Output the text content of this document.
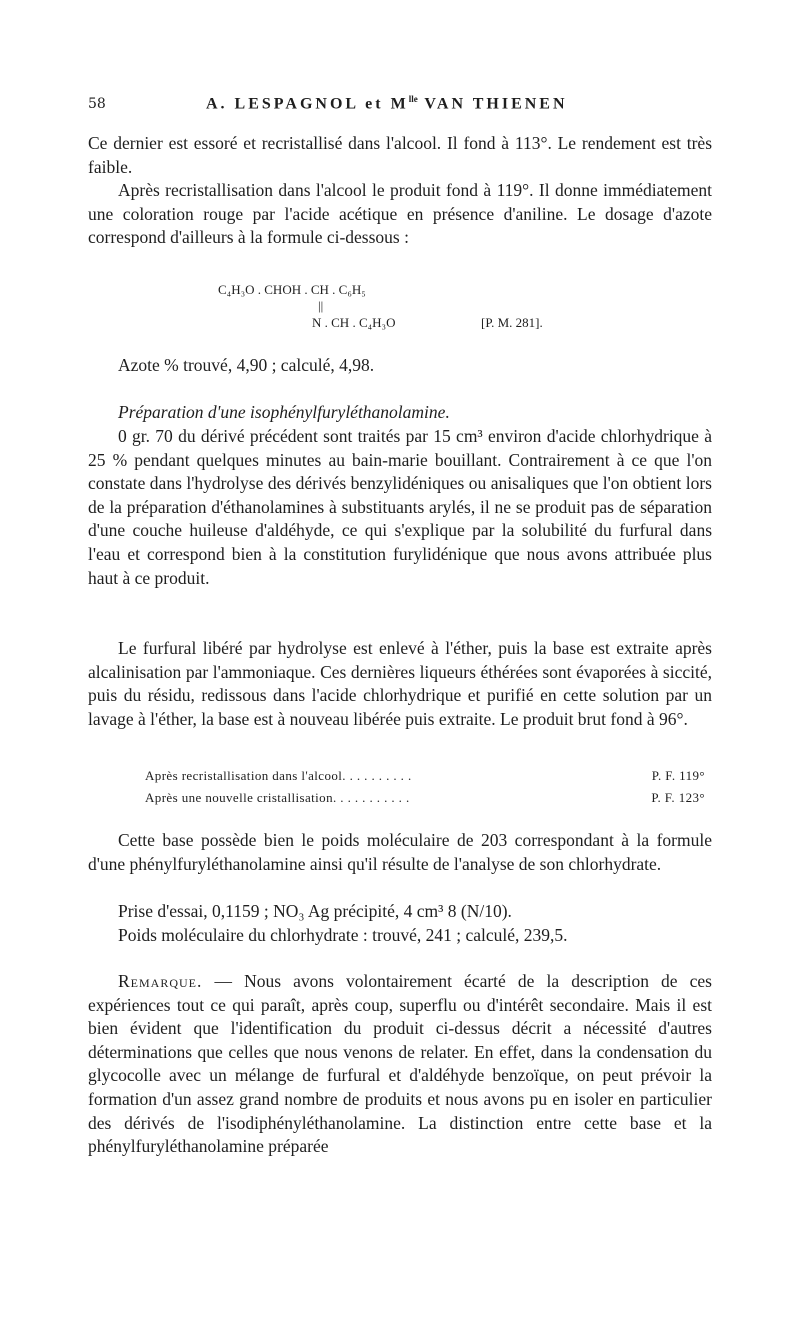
58	A. LESPAGNOL et $M^{lle}$ VAN THIENEN

Ce dernier est essoré et recristallisé dans l'alcool. Il fond à 113°. Le rendement est très faible.

Après recristallisation dans l'alcool le produit fond à 119°. Il donne immédiatement une coloration rouge par l'acide acétique en présence d'aniline. Le dosage d'azote correspond d'ailleurs à la formule ci-dessous :

C₄H₃O . CHOH . CH . C₆H₅
||
N . CH . C₄H₃O	[P. M. 281].

Azote % trouvé, 4,90 ; calculé, 4,98.

Préparation d'une isophénylfuryléthanolamine.

0 gr. 70 du dérivé précédent sont traités par 15 cm³ environ d'acide chlorhydrique à 25 % pendant quelques minutes au bain-marie bouillant. Contrairement à ce que l'on constate dans l'hydrolyse des dérivés benzylidéniques ou anisaliques que l'on obtient lors de la préparation d'éthanolamines à substituants arylés, il ne se produit pas de séparation d'une couche huileuse d'aldéhyde, ce qui s'explique par la solubilité du furfural dans l'eau et correspond bien à la constitution furylidénique que nous avons attribuée plus haut à ce produit.

Le furfural libéré par hydrolyse est enlevé à l'éther, puis la base est extraite après alcalinisation par l'ammoniaque. Ces dernières liqueurs éthérées sont évaporées à siccité, puis du résidu, redissous dans l'acide chlorhydrique et purifié en cette solution par un lavage à l'éther, la base est à nouveau libérée puis extraite. Le produit brut fond à 96°.

Après recristallisation dans l'alcool. . . . . . . . . .	P. F. 119°
Après une nouvelle cristallisation. . . . . . . . . . .	P. F. 123°

Cette base possède bien le poids moléculaire de 203 correspondant à la formule d'une phénylfuryléthanolamine ainsi qu'il résulte de l'analyse de son chlorhydrate.

Prise d'essai, 0,1159 ; NO₃ Ag précipité, 4 cm³ 8 (N/10).

Poids moléculaire du chlorhydrate : trouvé, 241 ; calculé, 239,5.

Remarque. — Nous avons volontairement écarté de la description de ces expériences tout ce qui paraît, après coup, superflu ou d'intérêt secondaire. Mais il est bien évident que l'identification du produit ci-dessus décrit a nécessité d'autres déterminations que celles que nous venons de relater. En effet, dans la condensation du glycocolle avec un mélange de furfural et d'aldéhyde benzoïque, on peut prévoir la formation d'un assez grand nombre de produits et nous avons pu en isoler en particulier des dérivés de l'isodiphényléthanolamine. La distinction entre cette base et la phénylfuryléthanolamine préparée
